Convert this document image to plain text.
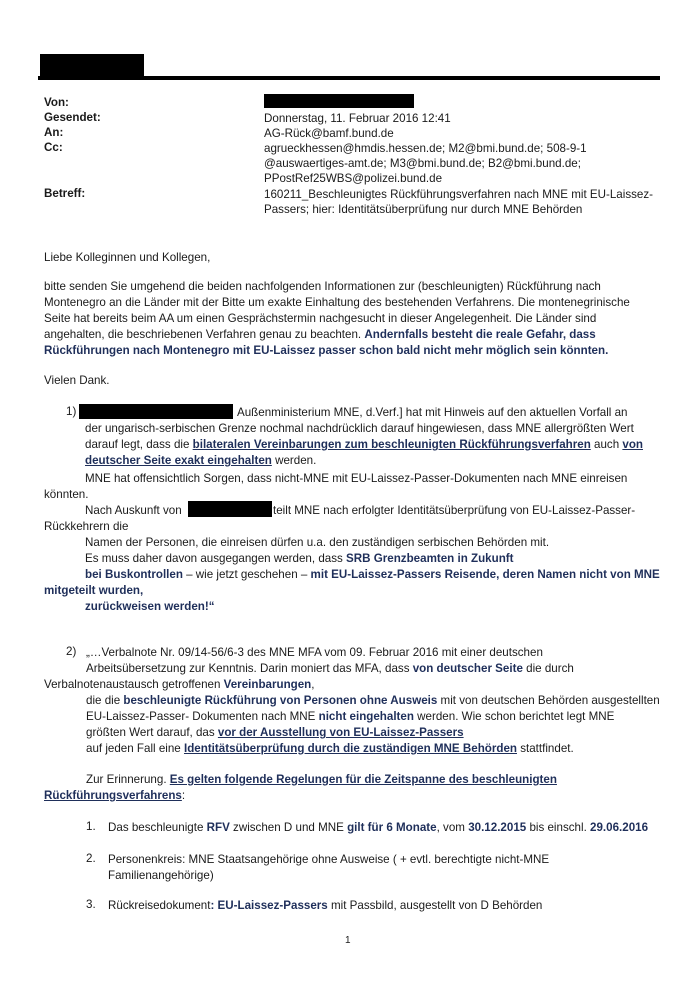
Von:
Gesendet:	Donnerstag, 11. Februar 2016 12:41
An:	AG-Rück@bamf.bund.de
Cc:	agrueckhessen@hmdis.hessen.de; M2@bmi.bund.de; 508-9-1
@auswaertiges-amt.de; M3@bmi.bund.de; B2@bmi.bund.de;
PPostRef25WBS@polizei.bund.de
Betreff:	160211_Beschleunigtes Rückführungsverfahren nach MNE mit EU-Laissez-
Passers; hier: Identitätsüberprüfung nur durch MNE Behörden
Liebe Kolleginnen und Kollegen,
bitte senden Sie umgehend die beiden nachfolgenden Informationen zur (beschleunigten) Rückführung nach
Montenegro an die Länder mit der Bitte um exakte Einhaltung des bestehenden Verfahrens. Die montenegrinische
Seite hat bereits beim AA um einen Gesprächstermin nachgesucht in dieser Angelegenheit. Die Länder sind
angehalten, die beschriebenen Verfahren genau zu beachten. Andernfalls besteht die reale Gefahr, dass
Rückführungen nach Montenegro mit EU-Laissez passer schon bald nicht mehr möglich sein könnten.
Vielen Dank.
1)	Außenministerium MNE, d.Verf.] hat mit Hinweis auf den aktuellen Vorfall an
der ungarisch-serbischen Grenze nochmal nachdrücklich darauf hingewiesen, dass MNE allergrößten Wert
darauf legt, dass die bilateralen Vereinbarungen zum beschleunigten Rückführungsverfahren auch von
deutscher Seite exakt eingehalten werden.
MNE hat offensichtlich Sorgen, dass nicht-MNE mit EU-Laissez-Passer-Dokumenten nach MNE einreisen
könnten.
Nach Auskunft von	teilt MNE nach erfolgter Identitätsüberprüfung von EU-Laissez-Passer-
Rückkehrern die
Namen der Personen, die einreisen dürfen u.a. den zuständigen serbischen Behörden mit.
Es muss daher davon ausgegangen werden, dass SRB Grenzbeamten in Zukunft
bei Buskontrollen – wie jetzt geschehen – mit EU-Laissez-Passers Reisende, deren Namen nicht von MNE
mitgeteilt wurden,
zurückweisen werden!“
2) „…Verbalnote Nr. 09/14-56/6-3 des MNE MFA vom 09. Februar 2016 mit einer deutschen
Arbeitsübersetzung zur Kenntnis. Darin moniert das MFA, dass von deutscher Seite die durch
Verbalnotenaustausch getroffenen Vereinbarungen,
die die beschleunigte Rückführung von Personen ohne Ausweis mit von deutschen Behörden ausgestellten
EU-Laissez-Passer- Dokumenten nach MNE nicht eingehalten werden. Wie schon berichtet legt MNE
größten Wert darauf, das vor der Ausstellung von EU-Laissez-Passers
auf jeden Fall eine Identitätsüberprüfung durch die zuständigen MNE Behörden stattfindet.
Zur Erinnerung. Es gelten folgende Regelungen für die Zeitspanne des beschleunigten
Rückführungsverfahrens:
1. Das beschleunigte RFV zwischen D und MNE gilt für 6 Monate, vom 30.12.2015 bis einschl. 29.06.2016
2. Personenkreis: MNE Staatsangehörige ohne Ausweise ( + evtl. berechtigte nicht-MNE
Familienangehörige)
3. Rückreisedokument: EU-Laissez-Passers mit Passbild, ausgestellt von D Behörden
1
